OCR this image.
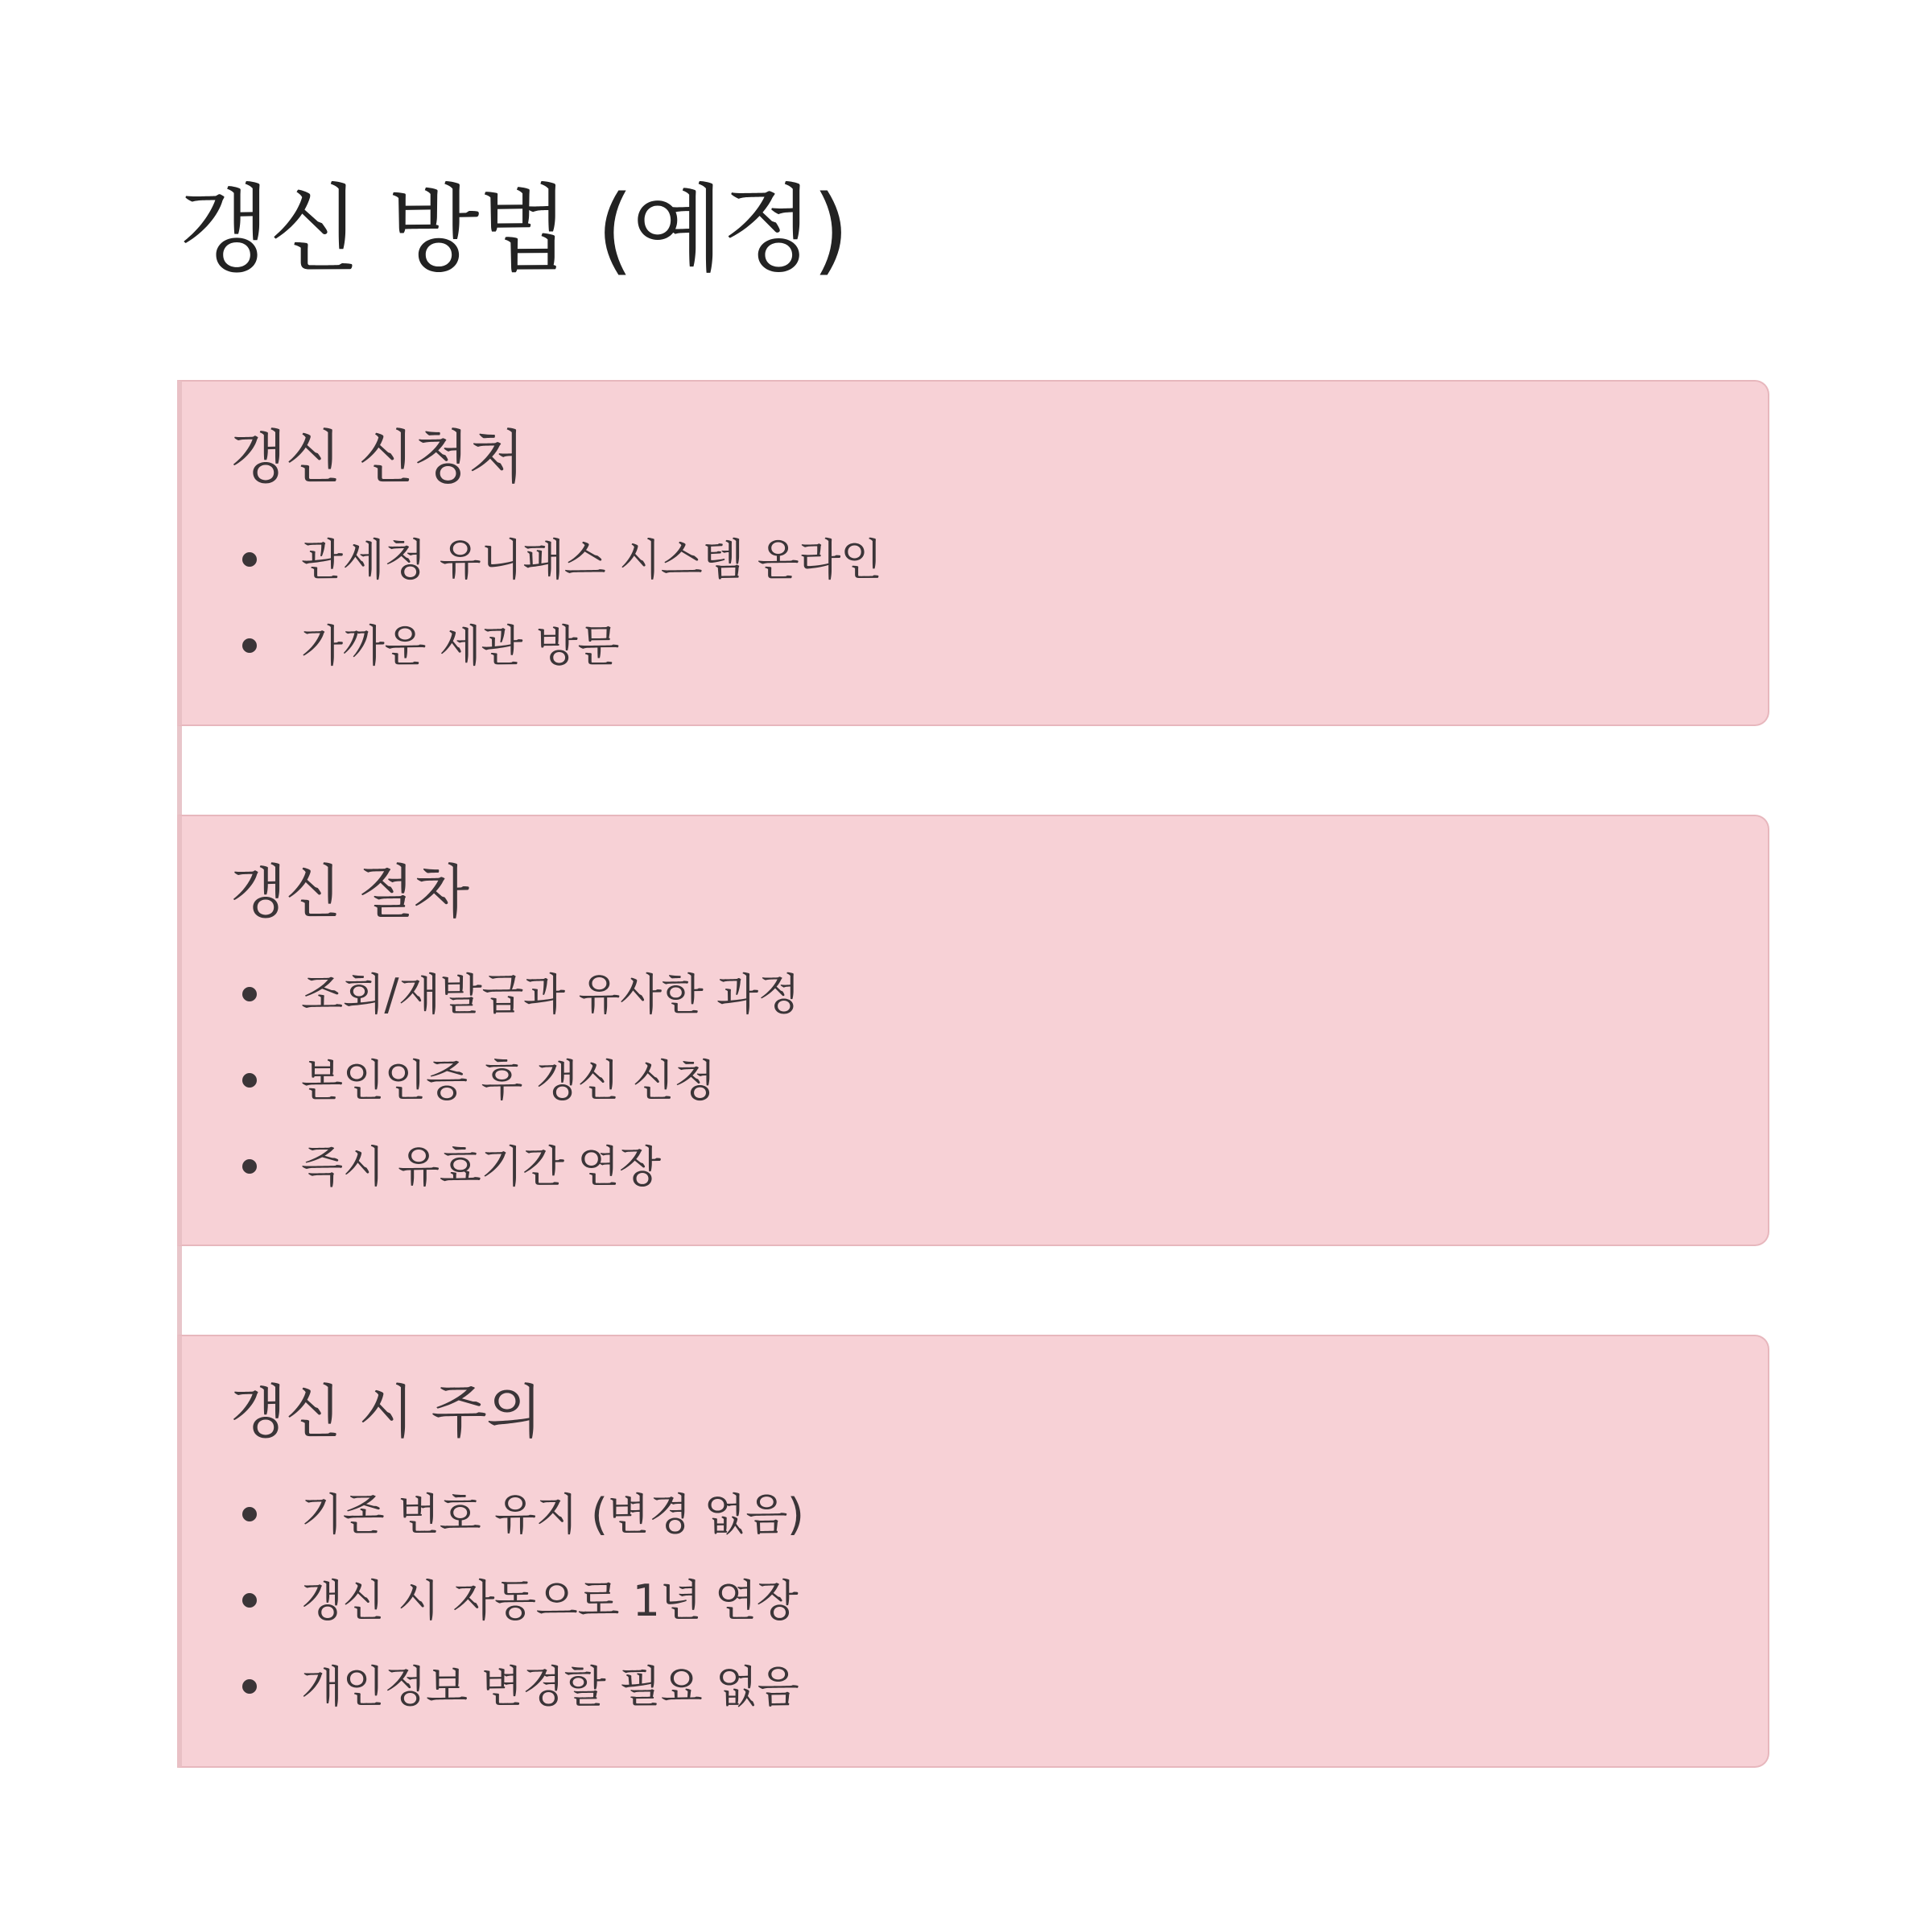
갱신 방법 (예정)
갱신 신청처
관세청 유니패스 시스템 온라인
가까운 세관 방문
갱신 절차
조회/재발급과 유사한 과정
본인인증 후 갱신 신청
즉시 유효기간 연장
갱신 시 주의
기존 번호 유지 (변경 없음)
갱신 시 자동으로 1년 연장
개인정보 변경할 필요 없음
